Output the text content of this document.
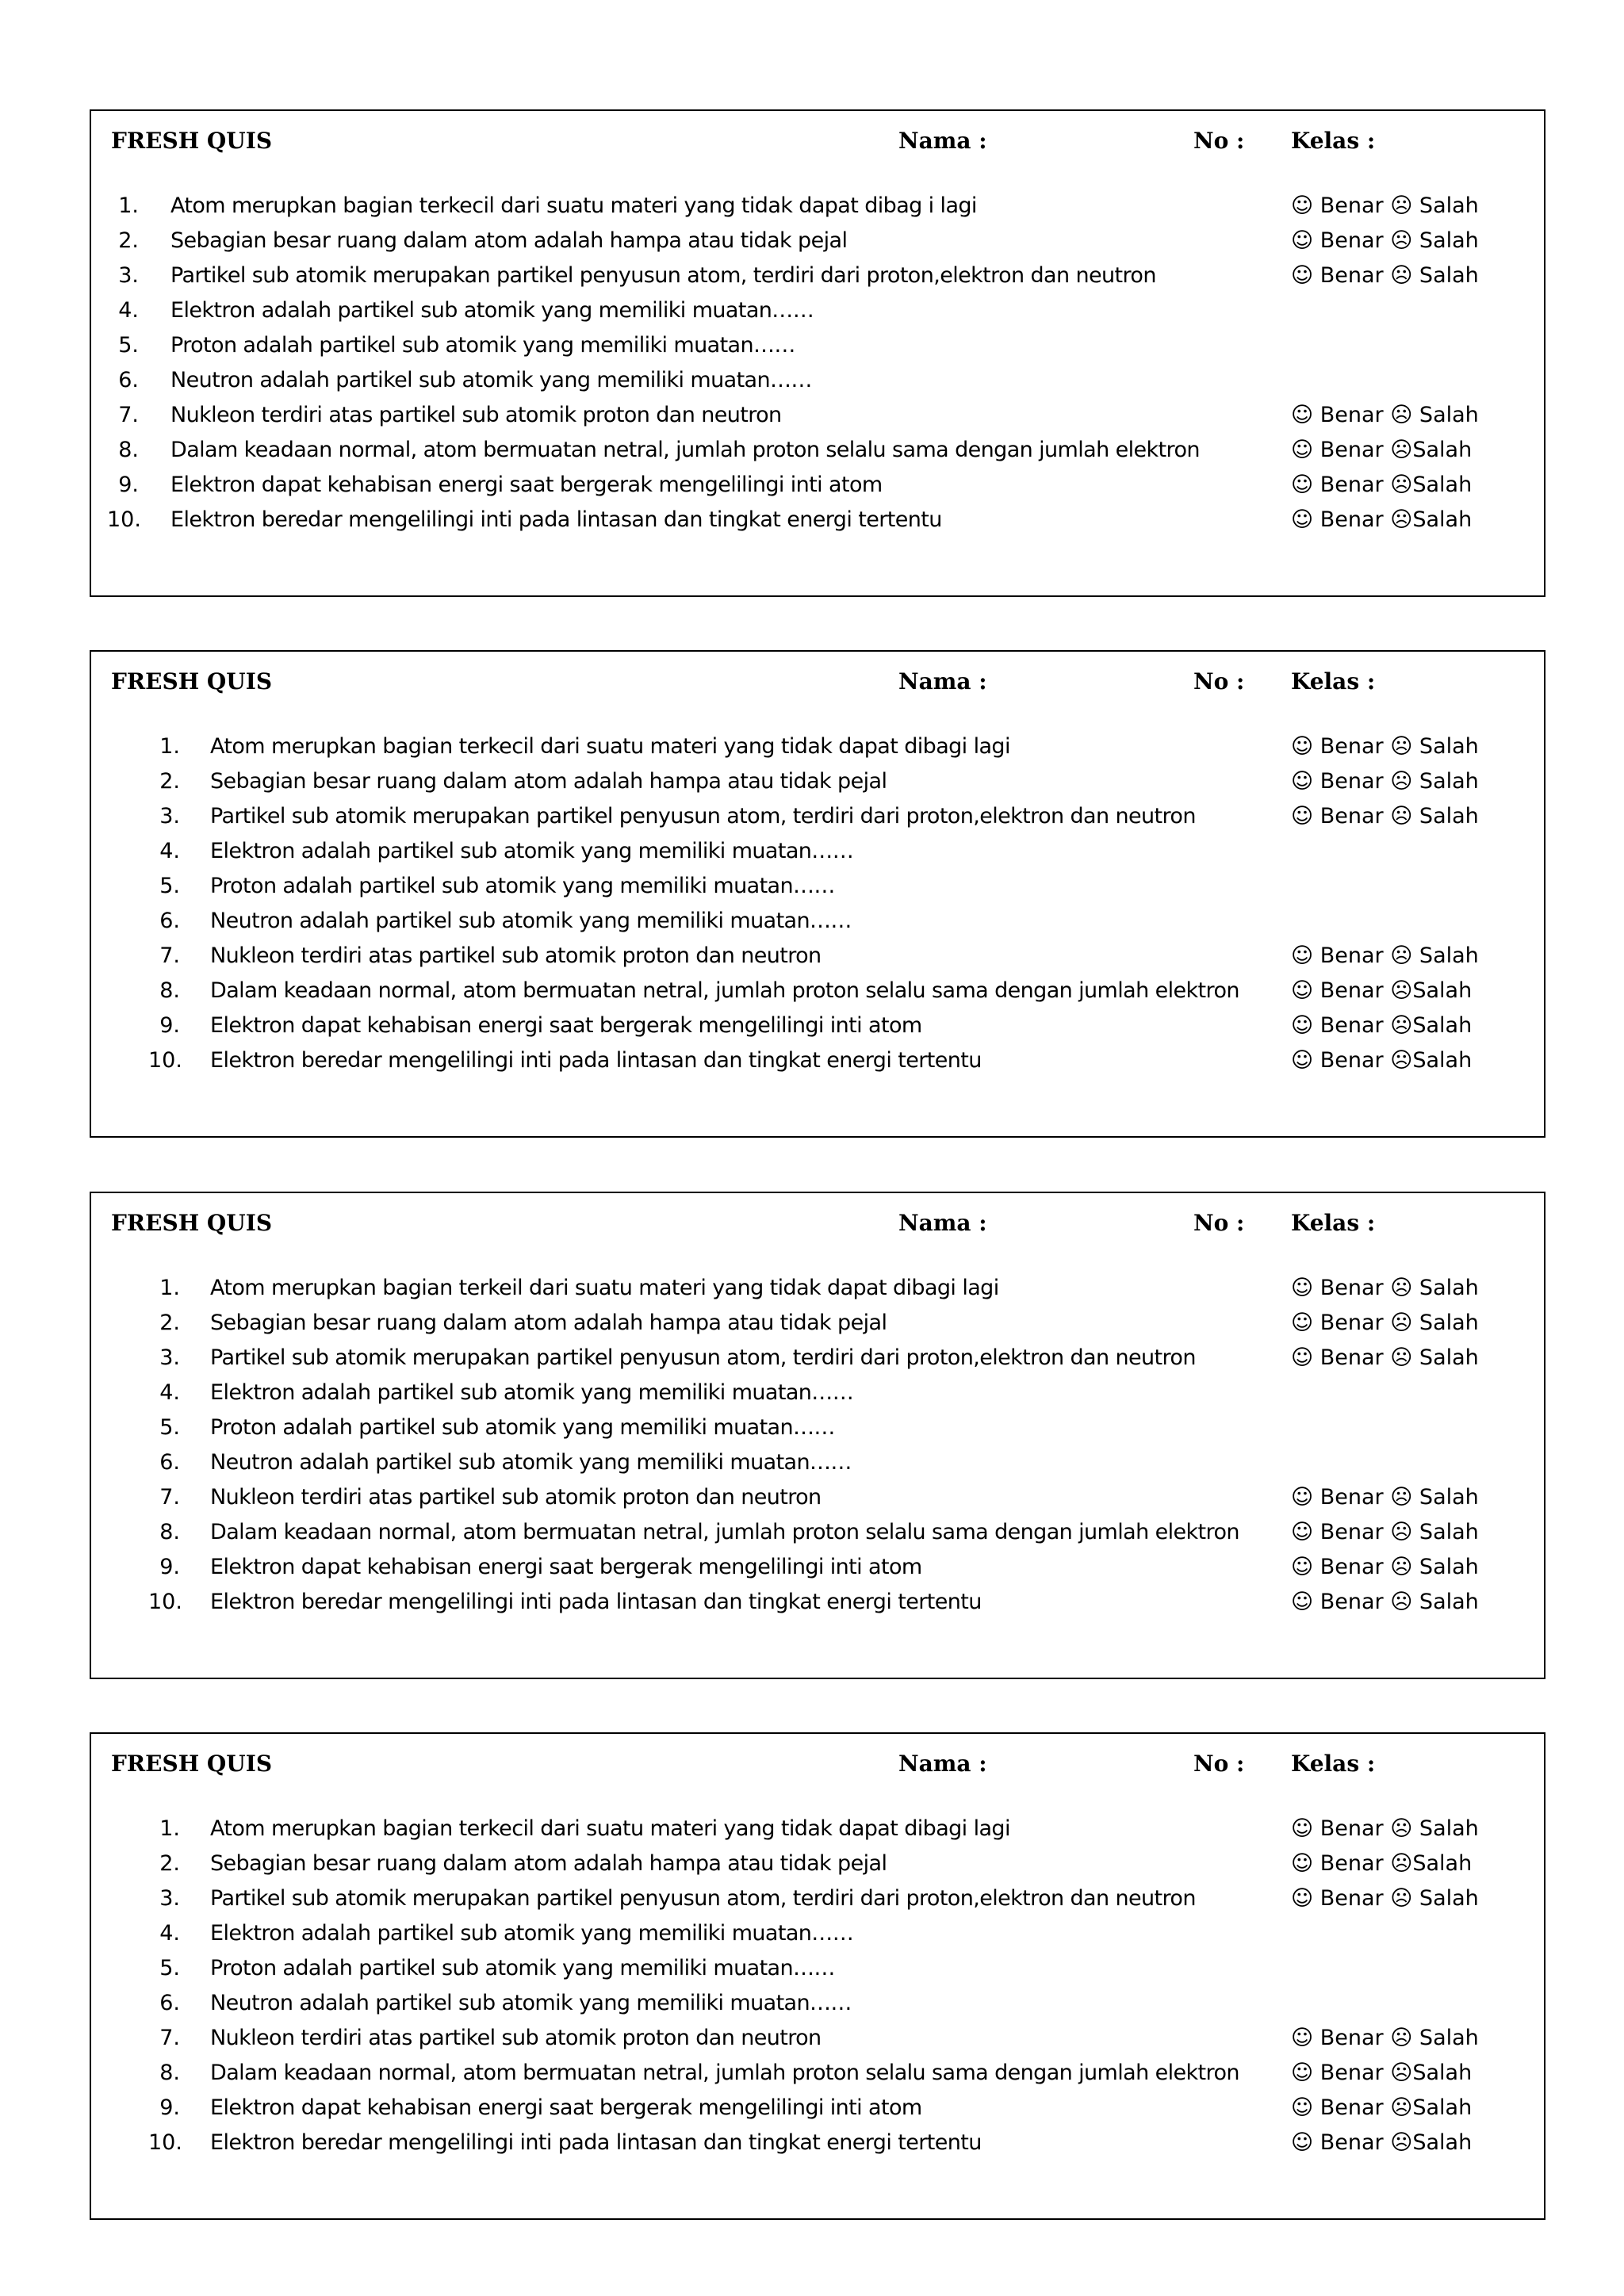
FRESH QUIS	Nama :	No : Kelas :
1. Atom merupkan bagian terkecil dari suatu materi yang tidak dapat dibag i lagi	☺ Benar ☹ Salah
2. Sebagian besar ruang dalam atom adalah hampa atau tidak pejal	☺ Benar ☹ Salah
3. Partikel sub atomik merupakan partikel penyusun atom, terdiri dari proton,elektron dan neutron	☺ Benar ☹ Salah
4. Elektron adalah partikel sub atomik yang memiliki muatan……
5. Proton adalah partikel sub atomik yang memiliki muatan……
6. Neutron adalah partikel sub atomik yang memiliki muatan……
7. Nukleon terdiri atas partikel sub atomik proton dan neutron	☺ Benar ☹ Salah
8. Dalam keadaan normal, atom bermuatan netral, jumlah proton selalu sama dengan jumlah elektron	☺ Benar ☹Salah
9. Elektron dapat kehabisan energi saat bergerak mengelilingi inti atom	☺ Benar ☹Salah
10. Elektron beredar mengelilingi inti pada lintasan dan tingkat energi tertentu	☺ Benar ☹Salah
FRESH QUIS	Nama :	No : Kelas :
1. Atom merupkan bagian terkecil dari suatu materi yang tidak dapat dibagi lagi	☺ Benar ☹ Salah
2. Sebagian besar ruang dalam atom adalah hampa atau tidak pejal	☺ Benar ☹ Salah
3. Partikel sub atomik merupakan partikel penyusun atom, terdiri dari proton,elektron dan neutron	☺ Benar ☹ Salah
4. Elektron adalah partikel sub atomik yang memiliki muatan……
5. Proton adalah partikel sub atomik yang memiliki muatan……
6. Neutron adalah partikel sub atomik yang memiliki muatan……
7. Nukleon terdiri atas partikel sub atomik proton dan neutron	☺ Benar ☹ Salah
8. Dalam keadaan normal, atom bermuatan netral, jumlah proton selalu sama dengan jumlah elektron ☺ Benar ☹Salah
9. Elektron dapat kehabisan energi saat bergerak mengelilingi inti atom	☺ Benar ☹Salah
10. Elektron beredar mengelilingi inti pada lintasan dan tingkat energi tertentu	☺ Benar ☹Salah
FRESH QUIS	Nama :	No : Kelas :
1. Atom merupkan bagian terkeil dari suatu materi yang tidak dapat dibagi lagi	☺ Benar ☹ Salah
2. Sebagian besar ruang dalam atom adalah hampa atau tidak pejal	☺ Benar ☹ Salah
3. Partikel sub atomik merupakan partikel penyusun atom, terdiri dari proton,elektron dan neutron	☺ Benar ☹ Salah
4. Elektron adalah partikel sub atomik yang memiliki muatan……
5. Proton adalah partikel sub atomik yang memiliki muatan……
6. Neutron adalah partikel sub atomik yang memiliki muatan……
7. Nukleon terdiri atas partikel sub atomik proton dan neutron	☺ Benar ☹ Salah
8. Dalam keadaan normal, atom bermuatan netral, jumlah proton selalu sama dengan jumlah elektron ☺ Benar ☹ Salah
9. Elektron dapat kehabisan energi saat bergerak mengelilingi inti atom	☺ Benar ☹ Salah
10. Elektron beredar mengelilingi inti pada lintasan dan tingkat energi tertentu	☺ Benar ☹ Salah
FRESH QUIS	Nama :	No : Kelas :
1. Atom merupkan bagian terkecil dari suatu materi yang tidak dapat dibagi lagi	☺ Benar ☹ Salah
2. Sebagian besar ruang dalam atom adalah hampa atau tidak pejal	☺ Benar ☹Salah
3. Partikel sub atomik merupakan partikel penyusun atom, terdiri dari proton,elektron dan neutron	☺ Benar ☹ Salah
4. Elektron adalah partikel sub atomik yang memiliki muatan……
5. Proton adalah partikel sub atomik yang memiliki muatan……
6. Neutron adalah partikel sub atomik yang memiliki muatan……
7. Nukleon terdiri atas partikel sub atomik proton dan neutron	☺ Benar ☹ Salah
8. Dalam keadaan normal, atom bermuatan netral, jumlah proton selalu sama dengan jumlah elektron ☺ Benar ☹Salah
9. Elektron dapat kehabisan energi saat bergerak mengelilingi inti atom	☺ Benar ☹Salah
10. Elektron beredar mengelilingi inti pada lintasan dan tingkat energi tertentu	☺ Benar ☹Salah
